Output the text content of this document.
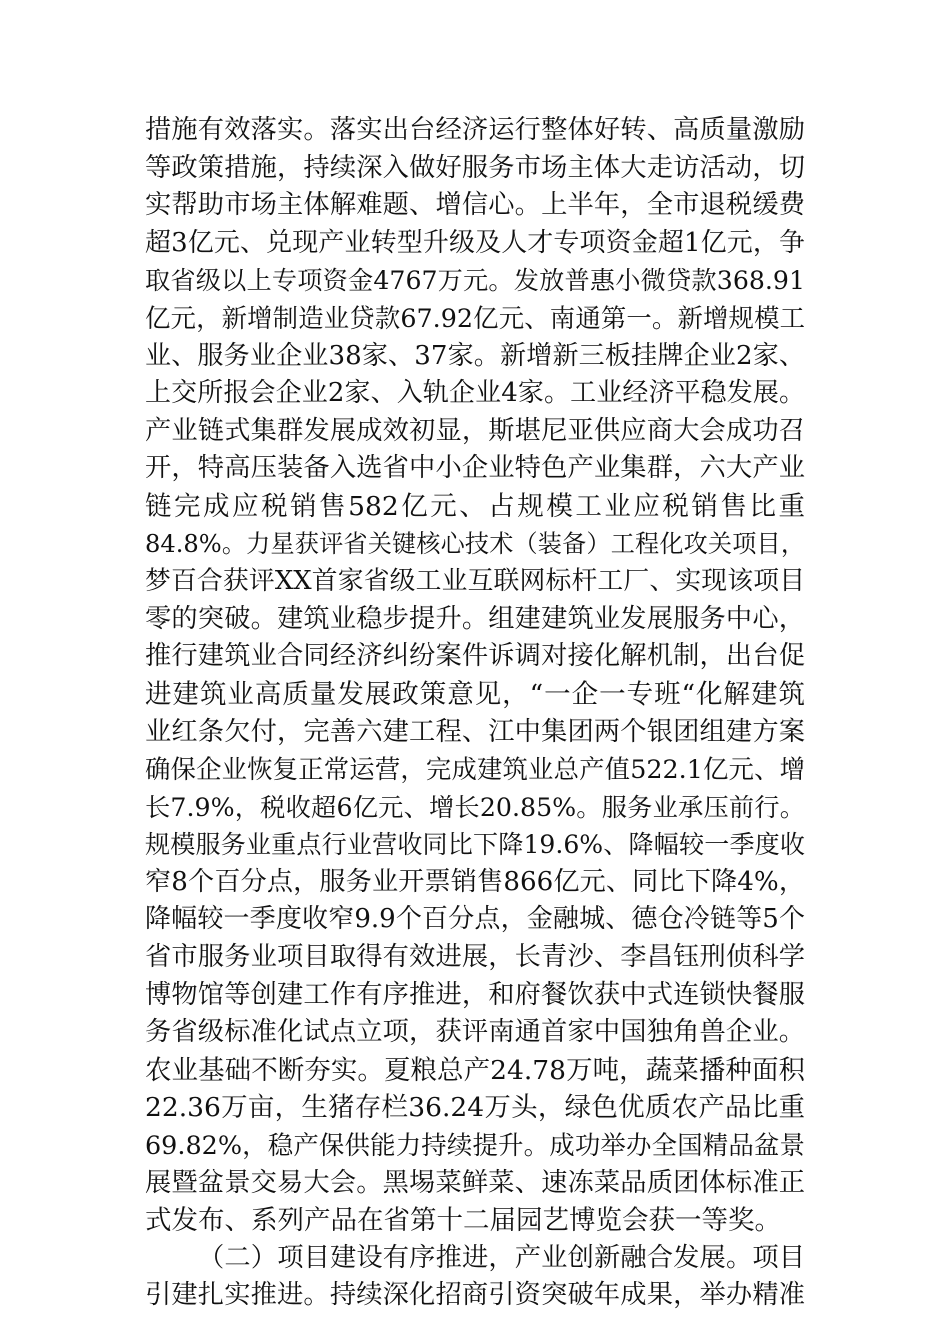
措施有效落实。落实出台经济运行整体好转、高质量激励
等政策措施，持续深入做好服务市场主体大走访活动，切
实帮助市场主体解难题、增信心。上半年，全市退税缓费
超3亿元、兑现产业转型升级及人才专项资金超1亿元，争
取省级以上专项资金4767万元。发放普惠小微贷款368.91
亿元，新增制造业贷款67.92亿元、南通第一。新增规模工
业、服务业企业38家、37家。新增新三板挂牌企业2家、
上交所报会企业2家、入轨企业4家。工业经济平稳发展。
产业链式集群发展成效初显，斯堪尼亚供应商大会成功召
开，特高压装备入选省中小企业特色产业集群，六大产业
链完成应税销售582亿元、占规模工业应税销售比重
84.8%。力星获评省关键核心技术（装备）工程化攻关项目，
梦百合获评XX首家省级工业互联网标杆工厂、实现该项目
零的突破。建筑业稳步提升。组建建筑业发展服务中心，
推行建筑业合同经济纠纷案件诉调对接化解机制，出台促
进建筑业高质量发展政策意见，“一企一专班“化解建筑
业红条欠付，完善六建工程、江中集团两个银团组建方案
确保企业恢复正常运营，完成建筑业总产值522.1亿元、增
长7.9%，税收超6亿元、增长20.85%。服务业承压前行。
规模服务业重点行业营收同比下降19.6%、降幅较一季度收
窄8个百分点，服务业开票销售866亿元、同比下降4%，
降幅较一季度收窄9.9个百分点，金融城、德仓冷链等5个
省市服务业项目取得有效进展，长青沙、李昌钰刑侦科学
博物馆等创建工作有序推进，和府餐饮获中式连锁快餐服
务省级标准化试点立项，获评南通首家中国独角兽企业。
农业基础不断夯实。夏粮总产24.78万吨，蔬菜播种面积
22.36万亩，生猪存栏36.24万头，绿色优质农产品比重
69.82%，稳产保供能力持续提升。成功举办全国精品盆景
展暨盆景交易大会。黑埸菜鲜菜、速冻菜品质团体标准正
式发布、系列产品在省第十二届园艺博览会获一等奖。
（二）项目建设有序推进，产业创新融合发展。项目
引建扎实推进。持续深化招商引资突破年成果，举办精准
